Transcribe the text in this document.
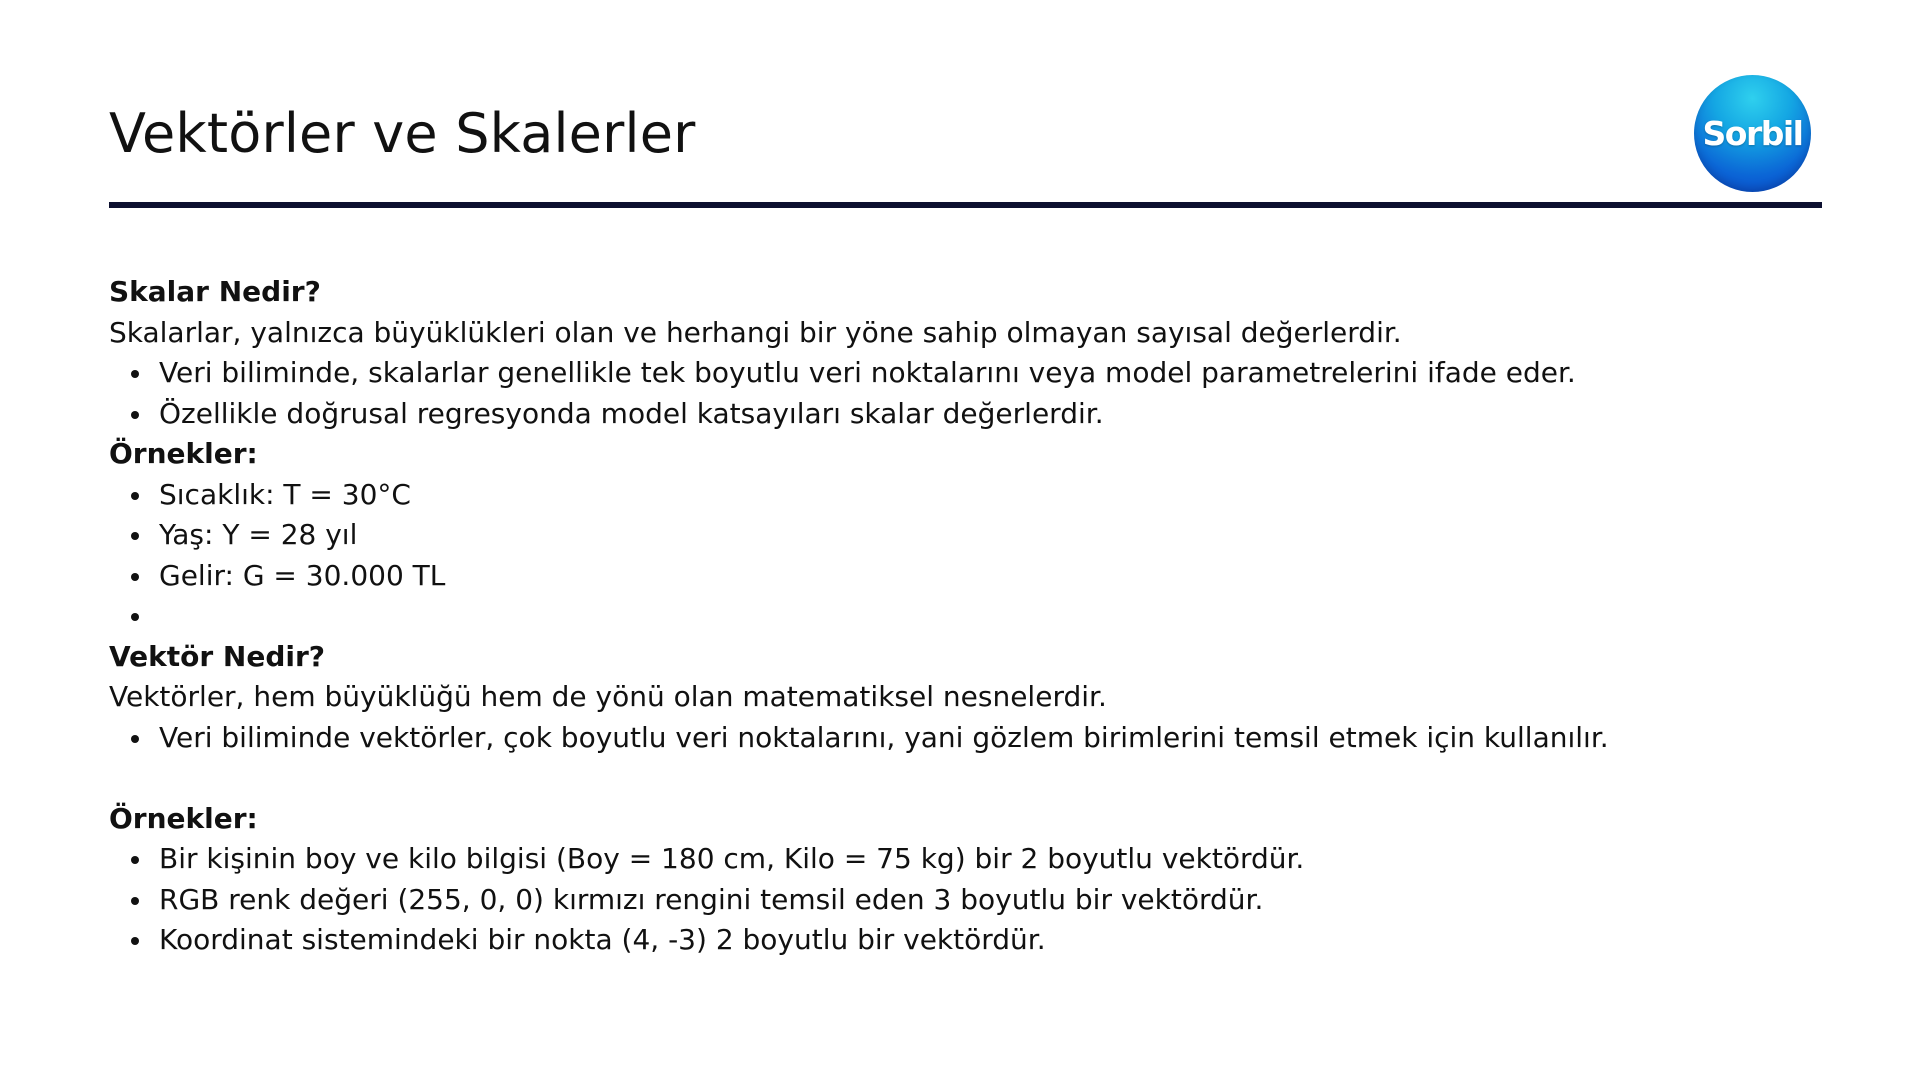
Vektörler ve Skalerler	Sorbil

Skalar Nedir?

Skalarlar, yalnızca büyüklükleri olan ve herhangi bir yöne sahip olmayan sayısal değerlerdir.

Veri biliminde, skalarlar genellikle tek boyutlu veri noktalarını veya model parametrelerini ifade eder.
Özellikle doğrusal regresyonda model katsayıları skalar değerlerdir.

Örnekler:

Sıcaklık: T = 30°C
Yaş: Y = 28 yıl
Gelir: G = 30.000 TL

Vektör Nedir?

Vektörler, hem büyüklüğü hem de yönü olan matematiksel nesnelerdir.

Veri biliminde vektörler, çok boyutlu veri noktalarını, yani gözlem birimlerini temsil etmek için kullanılır.

Örnekler:

Bir kişinin boy ve kilo bilgisi (Boy = 180 cm, Kilo = 75 kg) bir 2 boyutlu vektördür.
RGB renk değeri (255, 0, 0) kırmızı rengini temsil eden 3 boyutlu bir vektördür.
Koordinat sistemindeki bir nokta (4, -3) 2 boyutlu bir vektördür.
